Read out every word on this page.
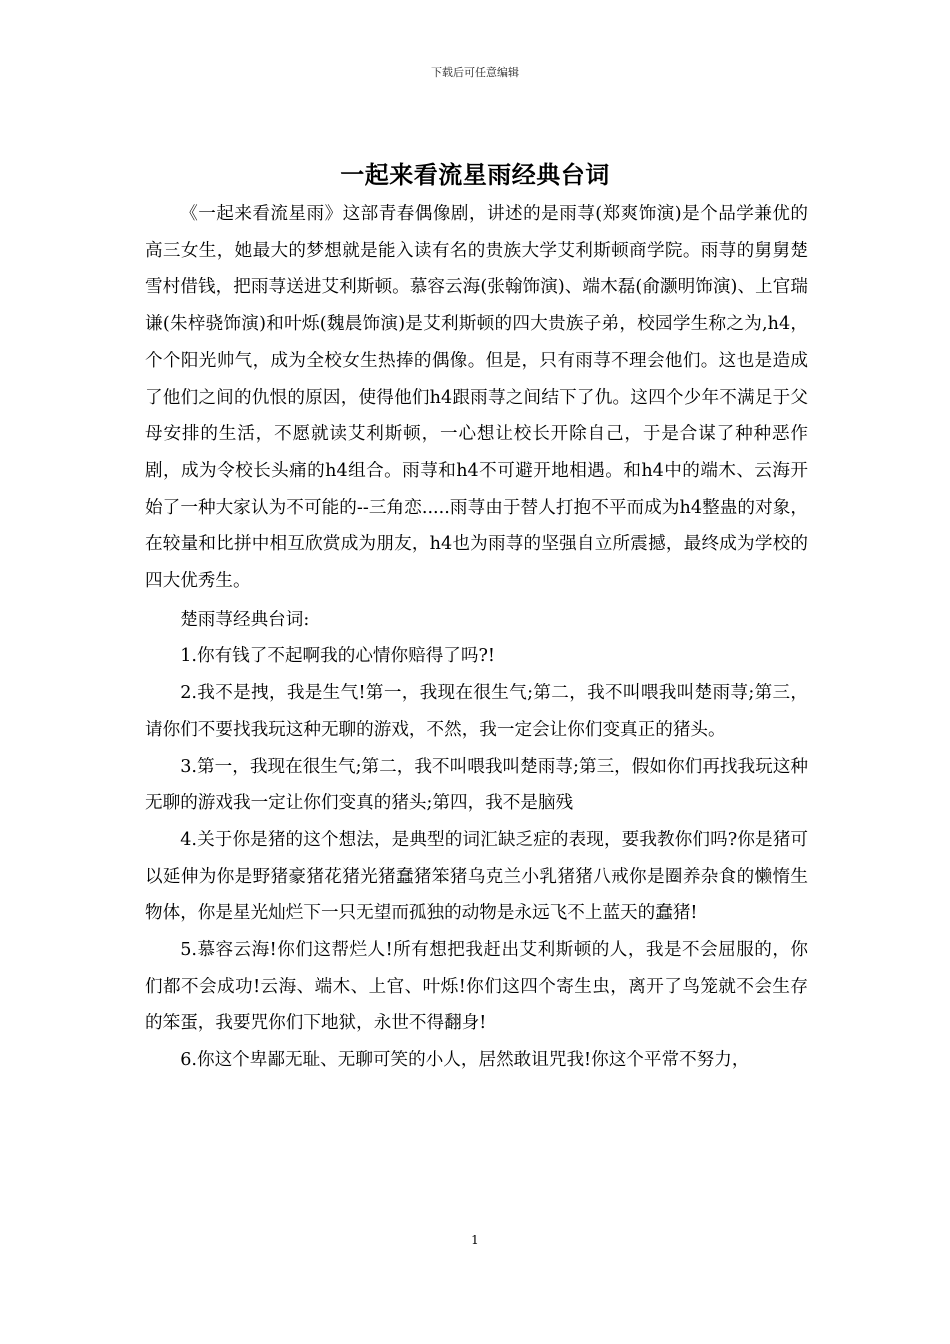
下载后可任意编辑
一起来看流星雨经典台词

《一起来看流星雨》这部青春偶像剧，讲述的是雨荨(郑爽饰演)是个品学兼优的高三女生，她最大的梦想就是能入读有名的贵族大学艾利斯顿商学院。雨荨的舅舅楚雪村借钱，把雨荨送进艾利斯顿。慕容云海(张翰饰演)、端木磊(俞灏明饰演)、上官瑞谦(朱梓骁饰演)和叶烁(魏晨饰演)是艾利斯顿的四大贵族子弟，校园学生称之为,h4，个个阳光帅气，成为全校女生热捧的偶像。但是，只有雨荨不理会他们。这也是造成了他们之间的仇恨的原因，使得他们h4跟雨荨之间结下了仇。这四个少年不满足于父母安排的生活，不愿就读艾利斯顿，一心想让校长开除自己，于是合谋了种种恶作剧，成为令校长头痛的h4组合。雨荨和h4不可避开地相遇。和h4中的端木、云海开始了一种大家认为不可能的--三角恋.....雨荨由于替人打抱不平而成为h4整蛊的对象，在较量和比拼中相互欣赏成为朋友，h4也为雨荨的坚强自立所震撼，最终成为学校的四大优秀生。

楚雨荨经典台词:

1.你有钱了不起啊我的心情你赔得了吗?!

2.我不是拽，我是生气!第一，我现在很生气;第二，我不叫喂我叫楚雨荨;第三，请你们不要找我玩这种无聊的游戏，不然，我一定会让你们变真正的猪头。

3.第一，我现在很生气;第二，我不叫喂我叫楚雨荨;第三，假如你们再找我玩这种无聊的游戏我一定让你们变真的猪头;第四，我不是脑残

4.关于你是猪的这个想法，是典型的词汇缺乏症的表现，要我教你们吗?你是猪可以延伸为你是野猪豪猪花猪光猪蠢猪笨猪乌克兰小乳猪猪八戒你是圈养杂食的懒惰生物体，你是星光灿烂下一只无望而孤独的动物是永远飞不上蓝天的蠢猪!

5.慕容云海!你们这帮烂人!所有想把我赶出艾利斯顿的人，我是不会屈服的，你们都不会成功!云海、端木、上官、叶烁!你们这四个寄生虫，离开了鸟笼就不会生存的笨蛋，我要咒你们下地狱，永世不得翻身!

6.你这个卑鄙无耻、无聊可笑的小人，居然敢诅咒我!你这个平常不努力，

1
